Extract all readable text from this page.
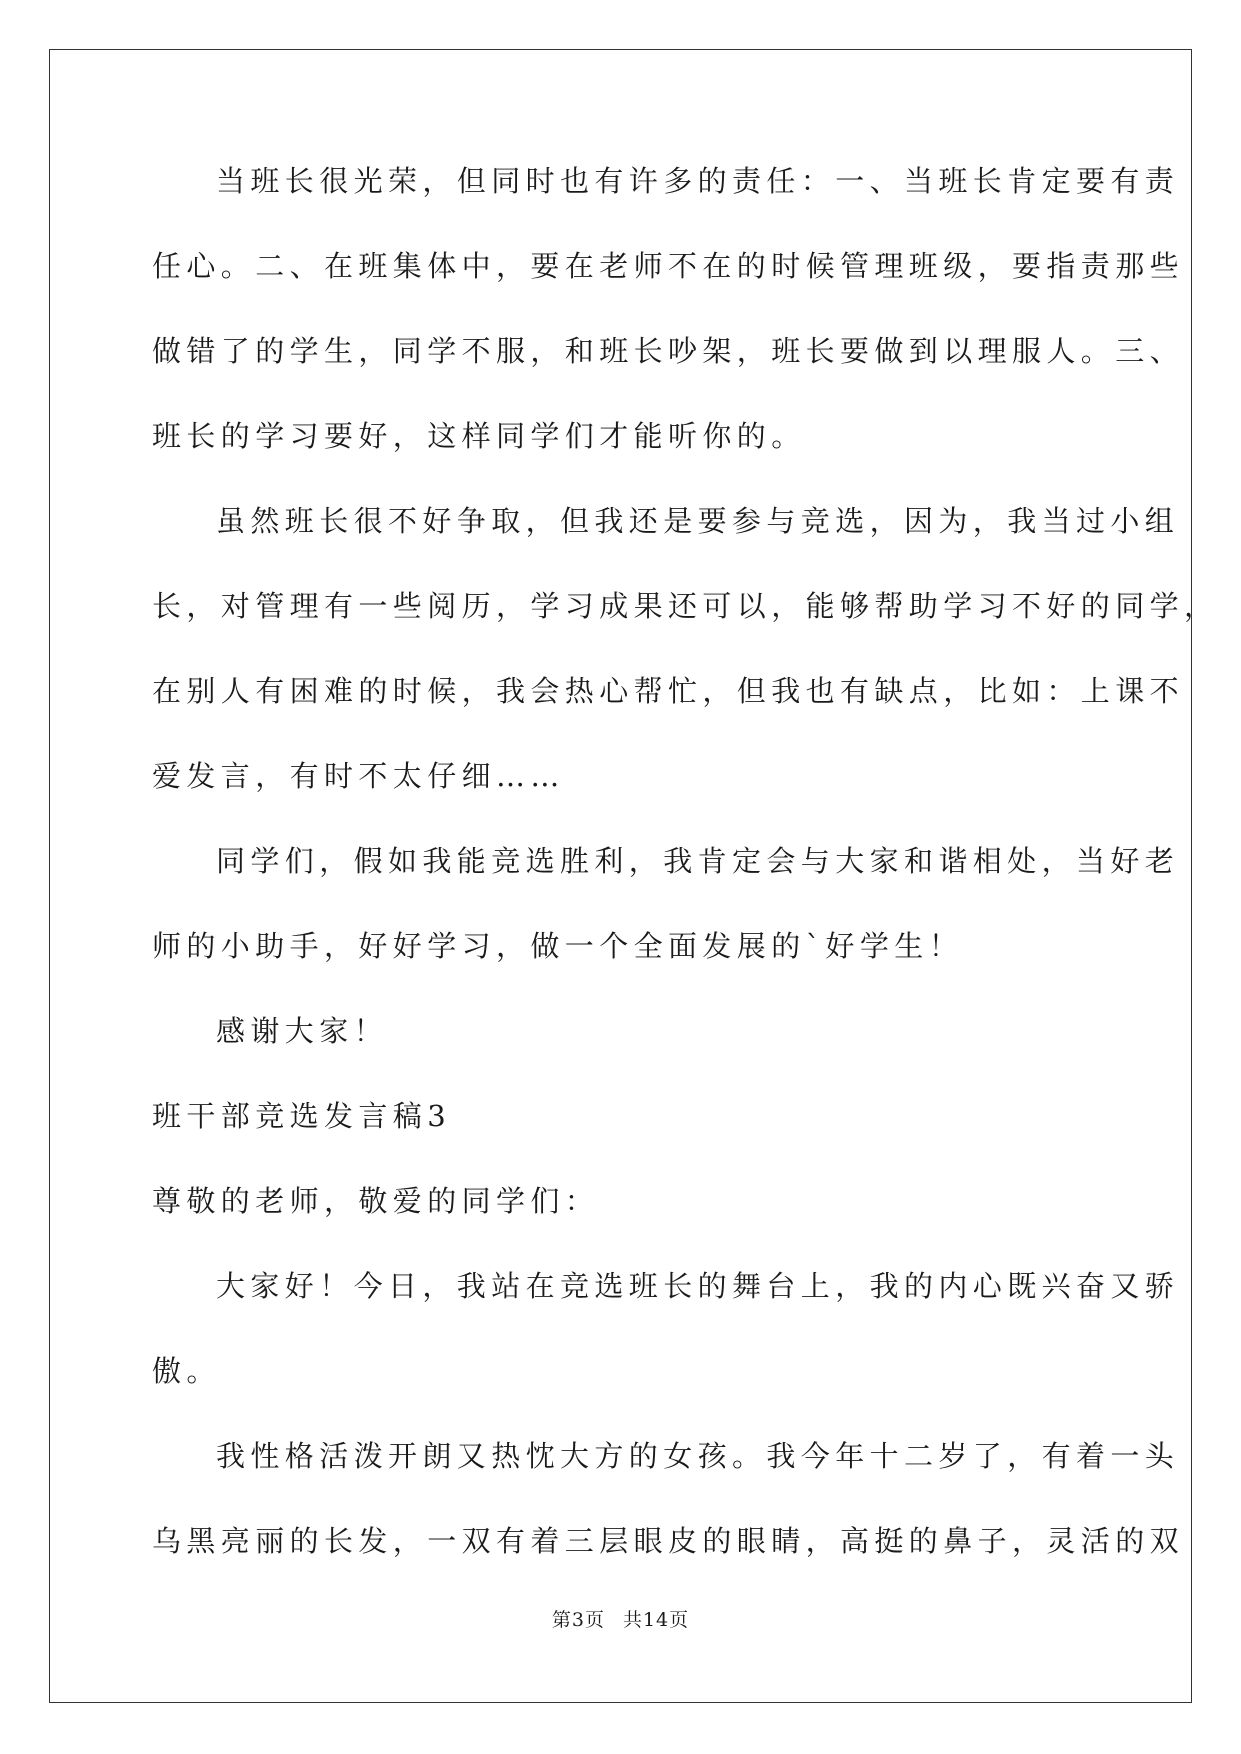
当班长很光荣，但同时也有许多的责任：一、当班长肯定要有责
任心。二、在班集体中，要在老师不在的时候管理班级，要指责那些
做错了的学生，同学不服，和班长吵架，班长要做到以理服人。三、
班长的学习要好，这样同学们才能听你的。
虽然班长很不好争取，但我还是要参与竞选，因为，我当过小组
长，对管理有一些阅历，学习成果还可以，能够帮助学习不好的同学，
在别人有困难的时候，我会热心帮忙，但我也有缺点，比如：上课不
爱发言，有时不太仔细……
同学们，假如我能竞选胜利，我肯定会与大家和谐相处，当好老
师的小助手，好好学习，做一个全面发展的`好学生！
感谢大家！
班干部竞选发言稿3
尊敬的老师，敬爱的同学们：
大家好！今日，我站在竞选班长的舞台上，我的内心既兴奋又骄
傲。
我性格活泼开朗又热忱大方的女孩。我今年十二岁了，有着一头
乌黑亮丽的长发，一双有着三层眼皮的眼睛，高挺的鼻子，灵活的双
第3页 共14页
